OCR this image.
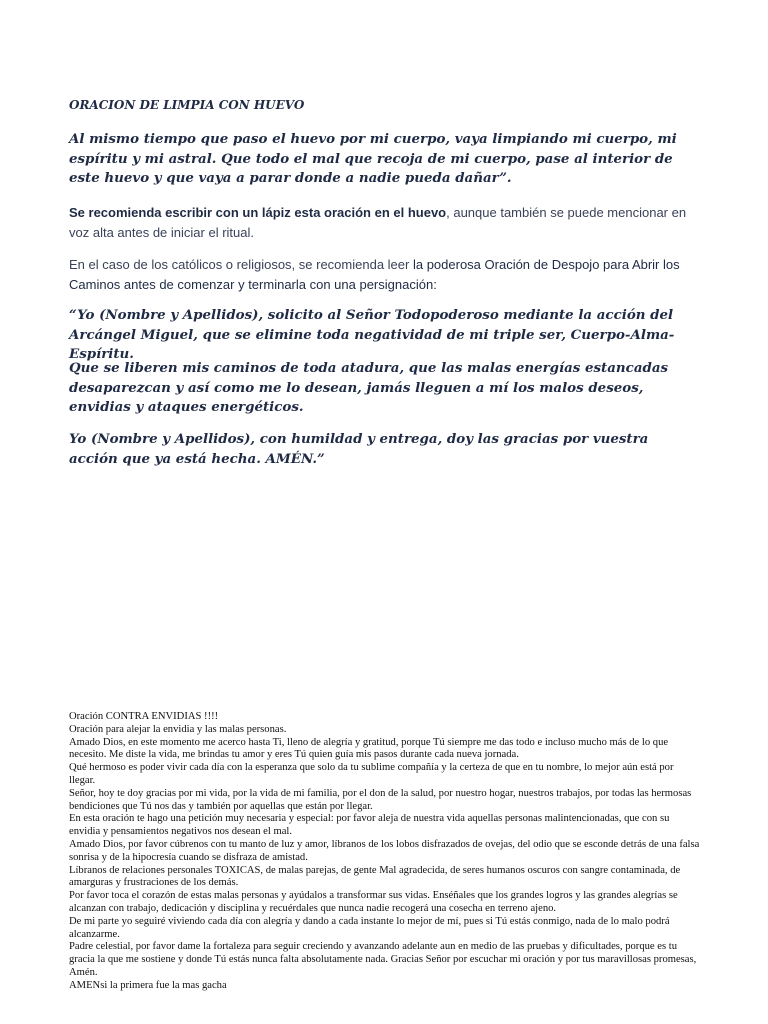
ORACION DE LIMPIA CON HUEVO

Al mismo tiempo que paso el huevo por mi cuerpo, vaya limpiando mi cuerpo, mi espíritu y mi astral. Que todo el mal que recoja de mi cuerpo, pase al interior de este huevo y que vaya a parar donde a nadie pueda dañar”.

Se recomienda escribir con un lápiz esta oración en el huevo, aunque también se puede mencionar en voz alta antes de iniciar el ritual.

En el caso de los católicos o religiosos, se recomienda leer la poderosa Oración de Despojo para Abrir los Caminos antes de comenzar y terminarla con una persignación:

“Yo (Nombre y Apellidos), solicito al Señor Todopoderoso mediante la acción del Arcángel Miguel, que se elimine toda negatividad de mi triple ser, Cuerpo-Alma-Espíritu.

Que se liberen mis caminos de toda atadura, que las malas energías estancadas desaparezcan y así como me lo desean, jamás lleguen a mí los malos deseos, envidias y ataques energéticos.

Yo (Nombre y Apellidos), con humildad y entrega, doy las gracias por vuestra acción que ya está hecha. AMÉN.”

Oración CONTRA ENVIDIAS !!!!

Oración para alejar la envidia y las malas personas.

Amado Dios, en este momento me acerco hasta Ti, lleno de alegría y gratitud, porque Tú siempre me das todo e incluso mucho más de lo que necesito. Me diste la vida, me brindas tu amor y eres Tú quien guía mis pasos durante cada nueva jornada.

Qué hermoso es poder vivir cada día con la esperanza que solo da tu sublime compañía y la certeza de que en tu nombre, lo mejor aún está por llegar.

Señor, hoy te doy gracias por mi vida, por la vida de mi familia, por el don de la salud, por nuestro hogar, nuestros trabajos, por todas las hermosas bendiciones que Tú nos das y también por aquellas que están por llegar.

En esta oración te hago una petición muy necesaria y especial: por favor aleja de nuestra vida aquellas personas malintencionadas, que con su envidia y pensamientos negativos nos desean el mal.

Amado Dios, por favor cúbrenos con tu manto de luz y amor, líbranos de los lobos disfrazados de ovejas, del odio que se esconde detrás de una falsa sonrisa y de la hipocresía cuando se disfraza de amistad.

Líbranos de relaciones personales TOXICAS, de malas parejas, de gente Mal agradecida, de seres humanos oscuros con sangre contaminada, de amarguras y frustraciones de los demás.

Por favor toca el corazón de estas malas personas y ayúdalos a transformar sus vidas. Enséñales que los grandes logros y las grandes alegrías se alcanzan con trabajo, dedicación y disciplina y recuérdales que nunca nadie recogerá una cosecha en terreno ajeno.

De mi parte yo seguiré viviendo cada día con alegría y dando a cada instante lo mejor de mí, pues si Tú estás conmigo, nada de lo malo podrá alcanzarme.

Padre celestial, por favor dame la fortaleza para seguir creciendo y avanzando adelante aun en medio de las pruebas y dificultades, porque es tu gracia la que me sostiene y donde Tú estás nunca falta absolutamente nada. Gracias Señor por escuchar mi oración y por tus maravillosas promesas, Amén.

AMENsi la primera fue la mas gacha
